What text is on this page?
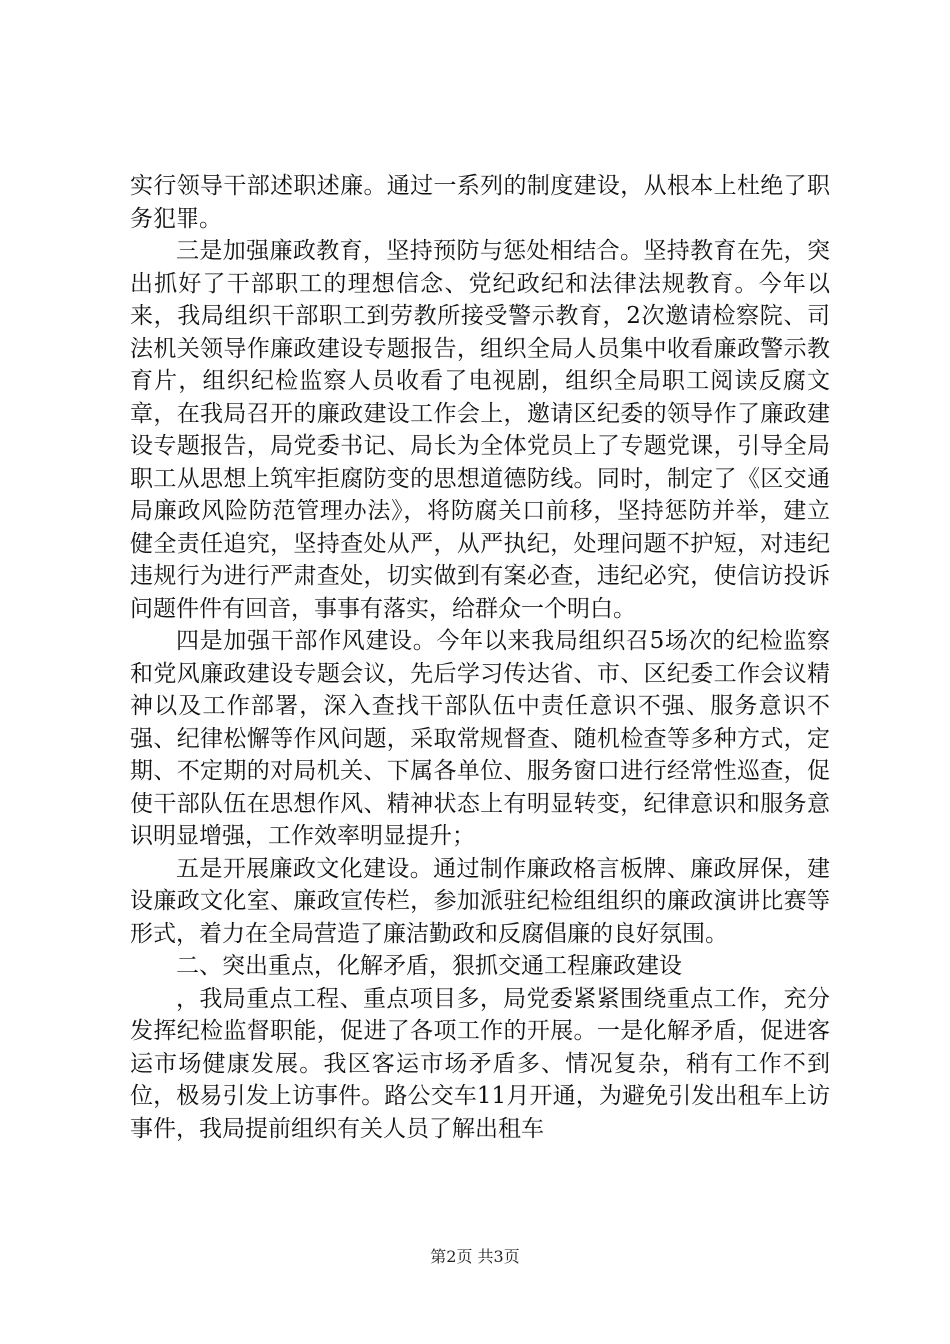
实行领导干部述职述廉。通过一系列的制度建设，从根本上杜绝了职务犯罪。

三是加强廉政教育，坚持预防与惩处相结合。坚持教育在先，突出抓好了干部职工的理想信念、党纪政纪和法律法规教育。今年以来，我局组织干部职工到劳教所接受警示教育，2次邀请检察院、司法机关领导作廉政建设专题报告，组织全局人员集中收看廉政警示教育片，组织纪检监察人员收看了电视剧，组织全局职工阅读反腐文章，在我局召开的廉政建设工作会上，邀请区纪委的领导作了廉政建设专题报告，局党委书记、局长为全体党员上了专题党课，引导全局职工从思想上筑牢拒腐防变的思想道德防线。同时，制定了《区交通局廉政风险防范管理办法》，将防腐关口前移，坚持惩防并举，建立健全责任追究，坚持查处从严，从严执纪，处理问题不护短，对违纪违规行为进行严肃查处，切实做到有案必查，违纪必究，使信访投诉问题件件有回音，事事有落实，给群众一个明白。

四是加强干部作风建设。今年以来我局组织召5场次的纪检监察和党风廉政建设专题会议，先后学习传达省、市、区纪委工作会议精神以及工作部署，深入查找干部队伍中责任意识不强、服务意识不强、纪律松懈等作风问题，采取常规督查、随机检查等多种方式，定期、不定期的对局机关、下属各单位、服务窗口进行经常性巡查，促使干部队伍在思想作风、精神状态上有明显转变，纪律意识和服务意识明显增强，工作效率明显提升；

五是开展廉政文化建设。通过制作廉政格言板牌、廉政屏保，建设廉政文化室、廉政宣传栏，参加派驻纪检组组织的廉政演讲比赛等形式，着力在全局营造了廉洁勤政和反腐倡廉的良好氛围。

二、突出重点，化解矛盾，狠抓交通工程廉政建设

，我局重点工程、重点项目多，局党委紧紧围绕重点工作，充分发挥纪检监督职能，促进了各项工作的开展。一是化解矛盾，促进客运市场健康发展。我区客运市场矛盾多、情况复杂，稍有工作不到位，极易引发上访事件。路公交车11月开通，为避免引发出租车上访事件，我局提前组织有关人员了解出租车

第2页 共3页
